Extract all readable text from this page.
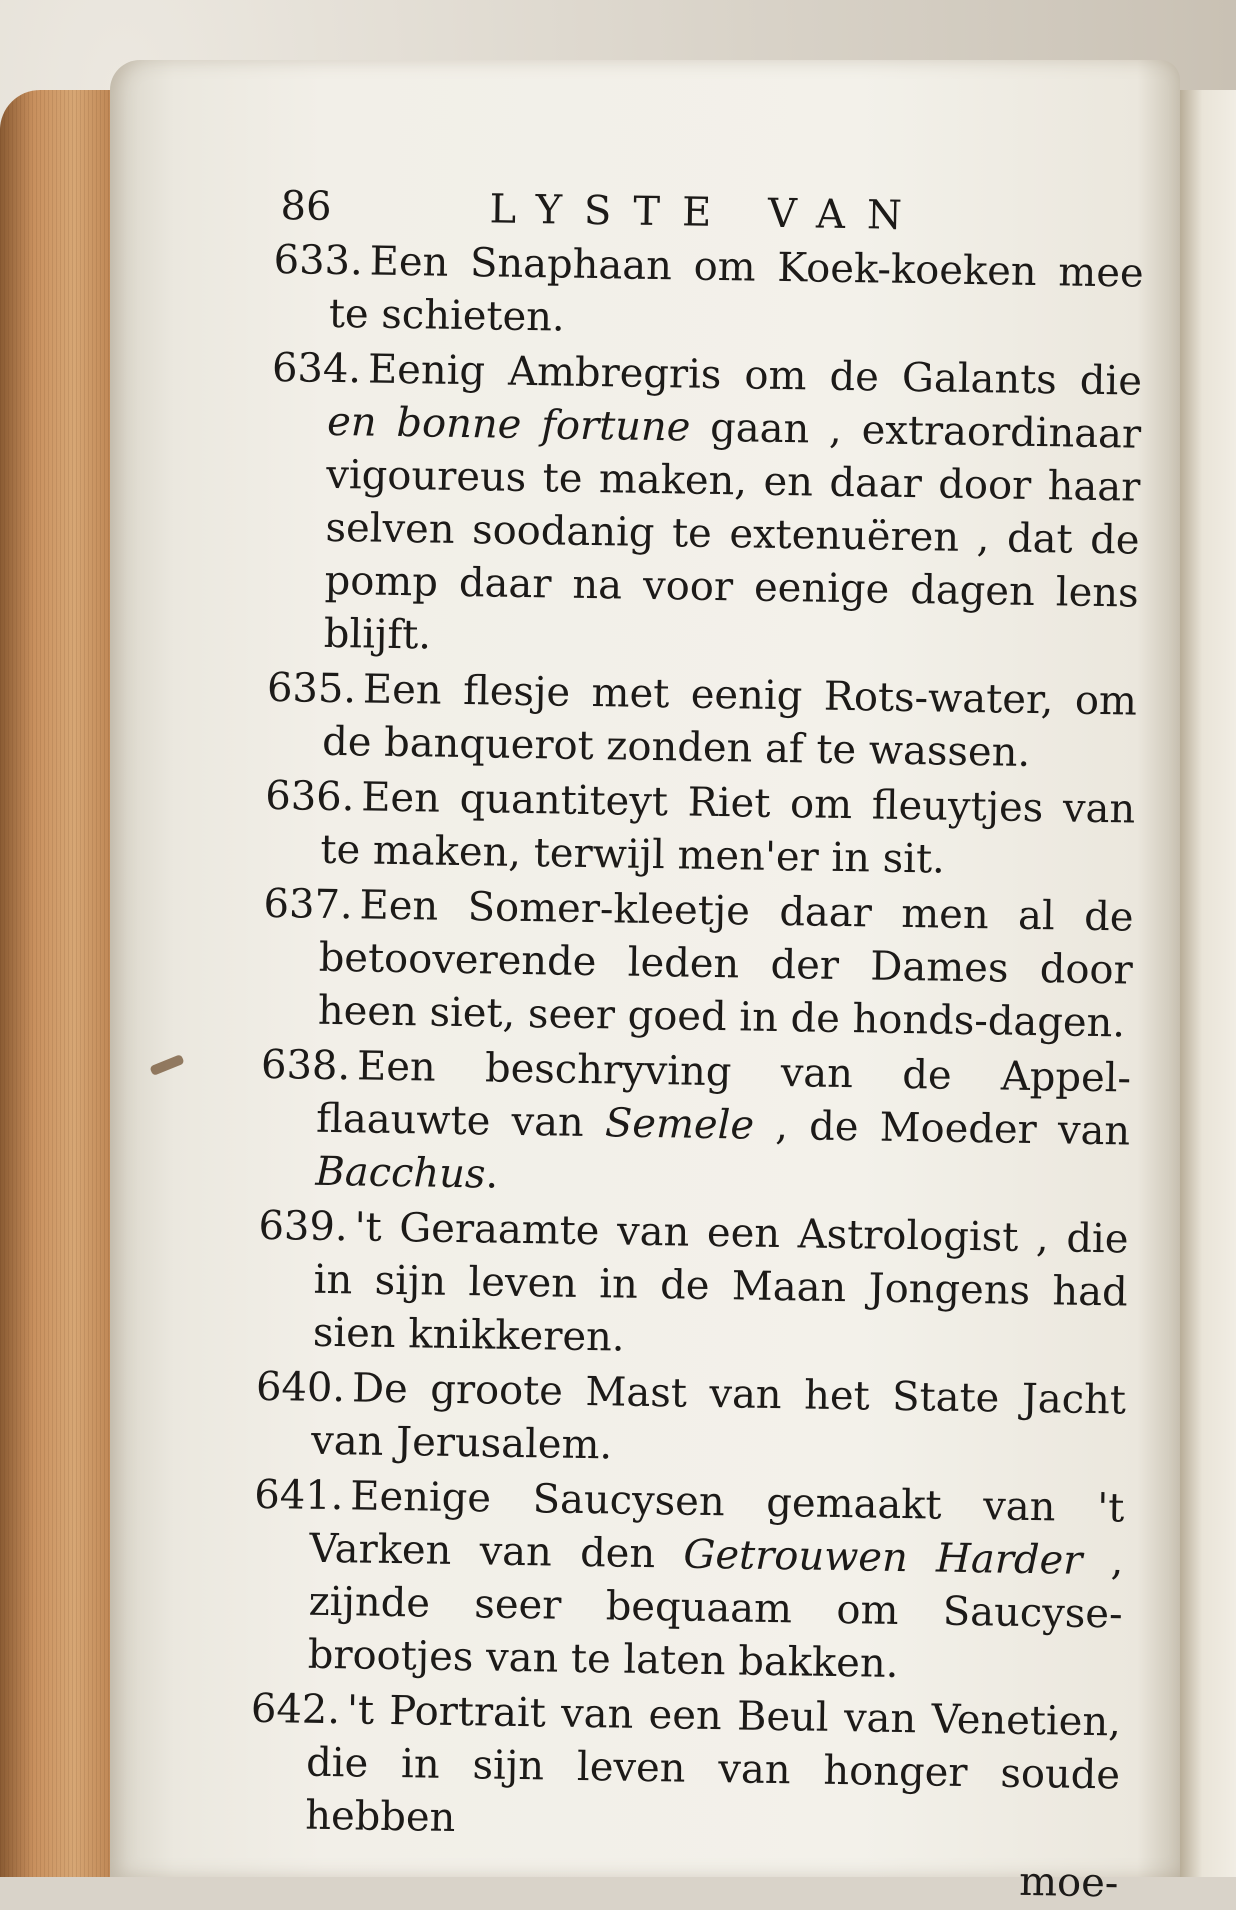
86	LYSTE VAN
633. Een Snaphaan om Koek-koeken mee te schieten.
634. Eenig Ambregris om de Galants die en bonne fortune gaan , extraordinaar vigoureus te maken, en daar door haar selven soodanig te extenuëren , dat de pomp daar na voor eenige dagen lens blijft.
635. Een flesje met eenig Rots-water, om de banquerot zonden af te wassen.
636. Een quantiteyt Riet om fleuytjes van te maken, terwijl men'er in sit.
637. Een Somer-kleetje daar men al de betooverende leden der Dames door heen siet, seer goed in de honds-dagen.
638. Een beschryving van de Appel-flaauwte van Semele , de Moeder van Bacchus.
639. 't Geraamte van een Astrologist , die in sijn leven in de Maan Jongens had sien knikkeren.
640. De groote Mast van het State Jacht van Jerusalem.
641. Eenige Saucysen gemaakt van 't Varken van den Getrouwen Harder , zijnde seer bequaam om Saucyse-brootjes van te laten bakken.
642. 't Portrait van een Beul van Venetien, die in sijn leven van honger soude hebben
moe-
